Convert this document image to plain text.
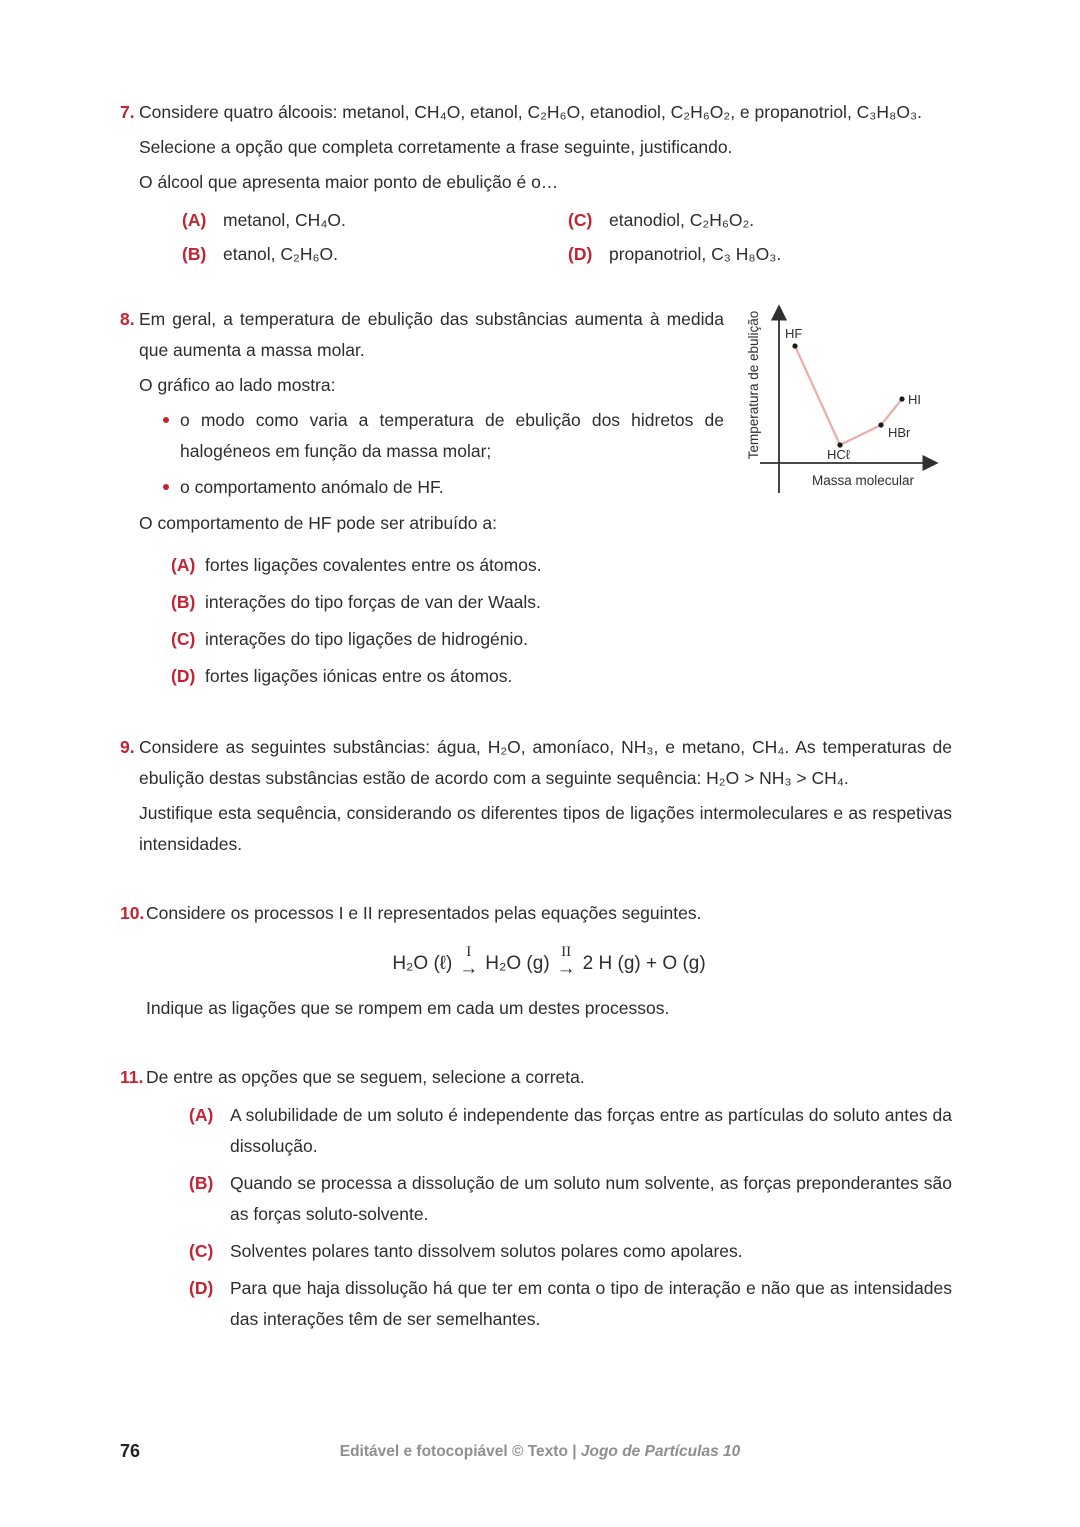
7. Considere quatro álcoois: metanol, CH₄O, etanol, C₂H₆O, etanodiol, C₂H₆O₂, e propanotriol, C₃H₈O₃.

Selecione a opção que completa corretamente a frase seguinte, justificando.

O álcool que apresenta maior ponto de ebulição é o…

(A) metanol, CH₄O.
(B) etanol, C₂H₆O.
(C) etanodiol, C₂H₆O₂.
(D) propanotriol, C₃ H₈O₃.
8. Em geral, a temperatura de ebulição das substâncias aumenta à medida que aumenta a massa molar.

O gráfico ao lado mostra:

o modo como varia a temperatura de ebulição dos hidretos de halogéneos em função da massa molar;
o comportamento anómalo de HF.

O comportamento de HF pode ser atribuído a:

HF
HCℓ
HBr
HI
Massa molecular
Temperatura de ebulição
(A) fortes ligações covalentes entre os átomos.
(B) interações do tipo forças de van der Waals.
(C) interações do tipo ligações de hidrogénio.
(D) fortes ligações iónicas entre os átomos.
9. Considere as seguintes substâncias: água, H₂O, amoníaco, NH₃, e metano, CH₄. As temperaturas de ebulição destas substâncias estão de acordo com a seguinte sequência: H₂O > NH₃ > CH₄.

Justifique esta sequência, considerando os diferentes tipos de ligações intermoleculares e as respetivas intensidades.

10. Considere os processos I e II representados pelas equações seguintes.

H₂O (ℓ)
I
→ H₂O (g)
II
→ 2 H (g) + O (g)

Indique as ligações que se rompem em cada um destes processos.

11. De entre as opções que se seguem, selecione a correta.

(A) A solubilidade de um soluto é independente das forças entre as partículas do soluto antes da dissolução.
(B) Quando se processa a dissolução de um soluto num solvente, as forças preponderantes são as forças soluto-solvente.
(C) Solventes polares tanto dissolvem solutos polares como apolares.
(D) Para que haja dissolução há que ter em conta o tipo de interação e não que as intensidades das interações têm de ser semelhantes.
76	Editável e fotocopiável © Texto | Jogo de Partículas 10
